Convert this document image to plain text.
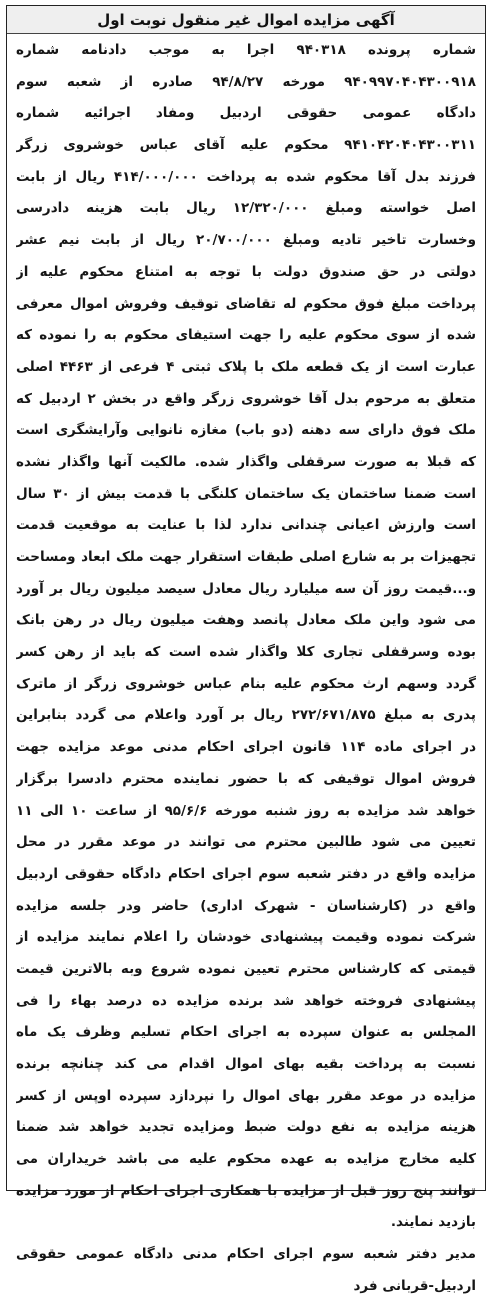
آگهی مزایده اموال غیر منقول نوبت اول
شماره پرونده ۹۴۰۳۱۸ اجرا به موجب دادنامه شماره
۹۴۰۹۹۷۰۴۰۴۳۰۰۹۱۸ مورخه ۹۴/۸/۲۷ صادره از شعبه سوم
دادگاه عمومی حقوقی اردبیل ومفاد اجرائیه شماره
۹۴۱۰۴۲۰۴۰۴۳۰۰۳۱۱ محکوم علیه آقای عباس خوشروی زرگر
فرزند بدل آقا محکوم شده به پرداخت ۴۱۴/۰۰۰/۰۰۰ ریال از بابت
اصل خواسته ومبلغ ۱۲/۳۲۰/۰۰۰ ریال بابت هزینه دادرسی
وخسارت تاخیر تادیه ومبلغ ۲۰/۷۰۰/۰۰۰ ریال از بابت نیم عشر
دولتی در حق صندوق دولت با توجه به امتناع محکوم علیه از
پرداخت مبلغ فوق محکوم له تقاضای توقیف وفروش اموال معرفی
شده از سوی محکوم علیه را جهت استیفای محکوم به را نموده که
عبارت است از یک قطعه ملک با پلاک ثبتی ۴ فرعی از ۴۴۶۳ اصلی
متعلق به مرحوم بدل آقا خوشروی زرگر واقع در بخش ۲ اردبیل که
ملک فوق دارای سه دهنه (دو باب) مغازه نانوایی وآرایشگری است
که قبلا به صورت سرقفلی واگذار شده. مالکیت آنها واگذار نشده
است ضمنا ساختمان یک ساختمان کلنگی با قدمت بیش از ۳۰ سال
است وارزش اعیانی چندانی ندارد لذا با عنایت به موقعیت قدمت
تجهیزات بر به شارع اصلی طبقات استقرار جهت ملک ابعاد ومساحت
و...قیمت روز آن سه میلیارد ریال معادل سیصد میلیون ریال بر آورد
می شود واین ملک معادل پانصد وهفت میلیون ریال در رهن بانک
بوده وسرقفلی تجاری کلا واگذار شده است که باید از رهن کسر
گردد وسهم ارث محکوم علیه بنام عباس خوشروی زرگر از ماترک
پدری به مبلغ ۲۷۲/۶۷۱/۸۷۵ ریال بر آورد واعلام می گردد بنابراین
در اجرای ماده ۱۱۴ قانون اجرای احکام مدنی موعد مزایده جهت
فروش اموال توقیفی که با حضور نماینده محترم دادسرا برگزار
خواهد شد مزایده به روز شنبه مورخه ۹۵/۶/۶ از ساعت ۱۰ الی ۱۱
تعیین می شود طالبین محترم می توانند در موعد مقرر در محل
مزایده واقع در دفتر شعبه سوم اجرای احکام دادگاه حقوقی اردبیل
واقع در (کارشناسان - شهرک اداری) حاضر ودر جلسه مزایده
شرکت نموده وقیمت پیشنهادی خودشان را اعلام نمایند مزایده از
قیمتی که کارشناس محترم تعیین نموده شروع وبه بالاترین قیمت
پیشنهادی فروخته خواهد شد برنده مزایده ده درصد بهاء را فی
المجلس به عنوان سپرده به اجرای احکام تسلیم وظرف یک ماه
نسبت به پرداخت بقیه بهای اموال اقدام می کند چنانچه برنده
مزایده در موعد مقرر بهای اموال را نپردازد سپرده اوپس از کسر
هزینه مزایده به نفع دولت ضبط ومزایده تجدید خواهد شد ضمنا
کلیه مخارج مزایده به عهده محکوم علیه می باشد خریداران می
توانند پنج روز قبل از مزایده با همکاری اجرای احکام از مورد مزایده
بازدید نمایند.
مدیر دفتر شعبه سوم اجرای احکام مدنی دادگاه عمومی حقوقی
اردبیل-قربانی فرد
